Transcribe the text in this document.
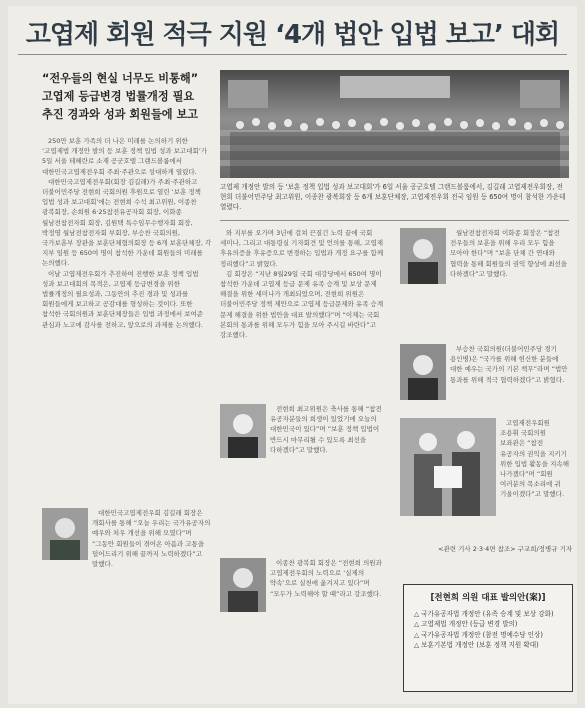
고엽제 회원 적극 지원 ‘4개 법안 입법 보고’ 대회
“전우들의 현실 너무도 비통해”
고엽제 등급변경 법률개정 필요
추진 경과와 성과 회원들에 보고
고엽제 개정안 발의 등 '보훈 정책 입법 성과 보고대회'가 6일 서울 공군호텔 그랜드볼룸에서, 김길래 고엽제전우회장, 전현희 더불어민주당 최고위원, 이종찬 광복회장 등 6개 보훈단체장, 고엽제전우회 전국 임원 등 650여 명이 참석한 가운데 열렸다.

250만 보훈 가족의 더 나은 미래를 논의하기 위한 ‘고엽제법 개정안 발의 등 보훈 정책 입법 성과 보고대회’가 5일 서울 테헤란로 소재 공군호텔 그랜드볼룸에서 대한민국고엽제전우회 주최·주관으로 성대하게 열렸다.

대한민국고엽제전우회(회장 김길래)가 주최·주관하고 더불어민주당 전현희 국회의원 후원으로 열린 ‘보훈 정책 입법 성과 보고대회’에는 전현희 수석 최고위원, 이종찬 광복회장, 손희원 6·25참전유공자회 회장, 이화종 월남전참전자회 회장, 김원택 특수임무수행자회 회장, 박정영 월남전참전자회 부회장, 부승찬 국회의원, 국가보훈부 장관을 보훈단체협의회장 등 6개 보훈단체장, 각 지부 임원 등 650여 명이 참석한 가운데 회원들의 미래를 논의했다.

이날 고엽제전우회가 추진하여 진행한 보훈 정책 입법 성과 보고대회의 목적은, 고엽제 등급변경을 위한 법률개정의 필요성과, 그동안의 추진 경과 및 성과를 회원들에게 보고하고 공감대를 형성하는 것이다. 또한 참석한 국회의원과 보훈단체장들은 입법 과정에서 보여준 관심과 노고에 감사를 전하고, 앞으로의 과제를 논의했다.

대한민국고엽제전우회 김길래 회장은 개회사를 통해 “오늘 우리는 국가유공자의 예우와 처우 개선을 위해 모였다”며 “그동안 회원들이 겪어온 아픔과 고통을 덜어드리기 위해 끝까지 노력하겠다”고 말했다.

와 지부를 오가며 3년에 걸쳐 끈질긴 노력 끝에 국회 세미나, 그리고 대통령실 기자회견 및 언의를 통해, 고엽제 후유의증을 후유증으로 변경하는 입법과 개정 요구를 함께 정리했다”고 밝혔다.

김 회장은 “지난 8월29일 국회 대강당에서 650여 명이 참석한 가운데 고엽제 등급 문제 유족 승계 및 보상 문제 해결을 위한 세미나가 개최되었으며, 전현희 위원은 더불어민주당 정책 제안으로 고엽제 등급문제와 유족 승계 문제 해결을 위한 법안을 대표 발의했다”며 “이제는 국회 본회의 통과를 위해 모두가 힘을 모아 주시길 바란다”고 강조했다.

전현희 최고위원은 축사를 통해 “참전 유공자분들의 희생이 있었기에 오늘의 대한민국이 있다”며 “보훈 정책 입법이 반드시 마무리될 수 있도록 최선을 다하겠다”고 말했다.

이종찬 광복회 회장은 “전현희 의원과 고엽제전우회의 노력으로 ‘실제의 약속’으로 실천에 옮겨지고 있다”며 “모두가 노력해야 할 때”라고 강조했다.

월남전참전자회 이화종 회장은 “참전 전우들의 보훈을 위해 우리 모두 힘을 모아야 한다”며 “보훈 단체 간 연대와 협력을 통해 회원들의 권익 향상에 최선을 다하겠다”고 말했다.

부승찬 국회의원(더불어민주당 경기 용인병)은 “국가를 위해 헌신한 분들에 대한 예우는 국가의 기본 책무”라며 “법안 통과를 위해 적극 협력하겠다”고 밝혔다.

고엽제전우회원 조용휘 국회의원 보좌관은 “참전 유공자의 권익을 지키기 위한 입법 활동을 지속해 나가겠다”며 “회원 여러분의 목소리에 귀 기울이겠다”고 말했다.

<관련 기사 2·3·4면 참조> 구교희/정병규 기자
[전현희 의원 대표 발의안(案)]
△ 국가유공자법 개정안 (유족 승계 및 보상 강화)
△ 고엽제법 개정안 (등급 변경 발의)
△ 국가유공자법 개정안 (참전 명예수당 인상)
△ 보훈기본법 개정안 (보훈 정책 지원 확대)
